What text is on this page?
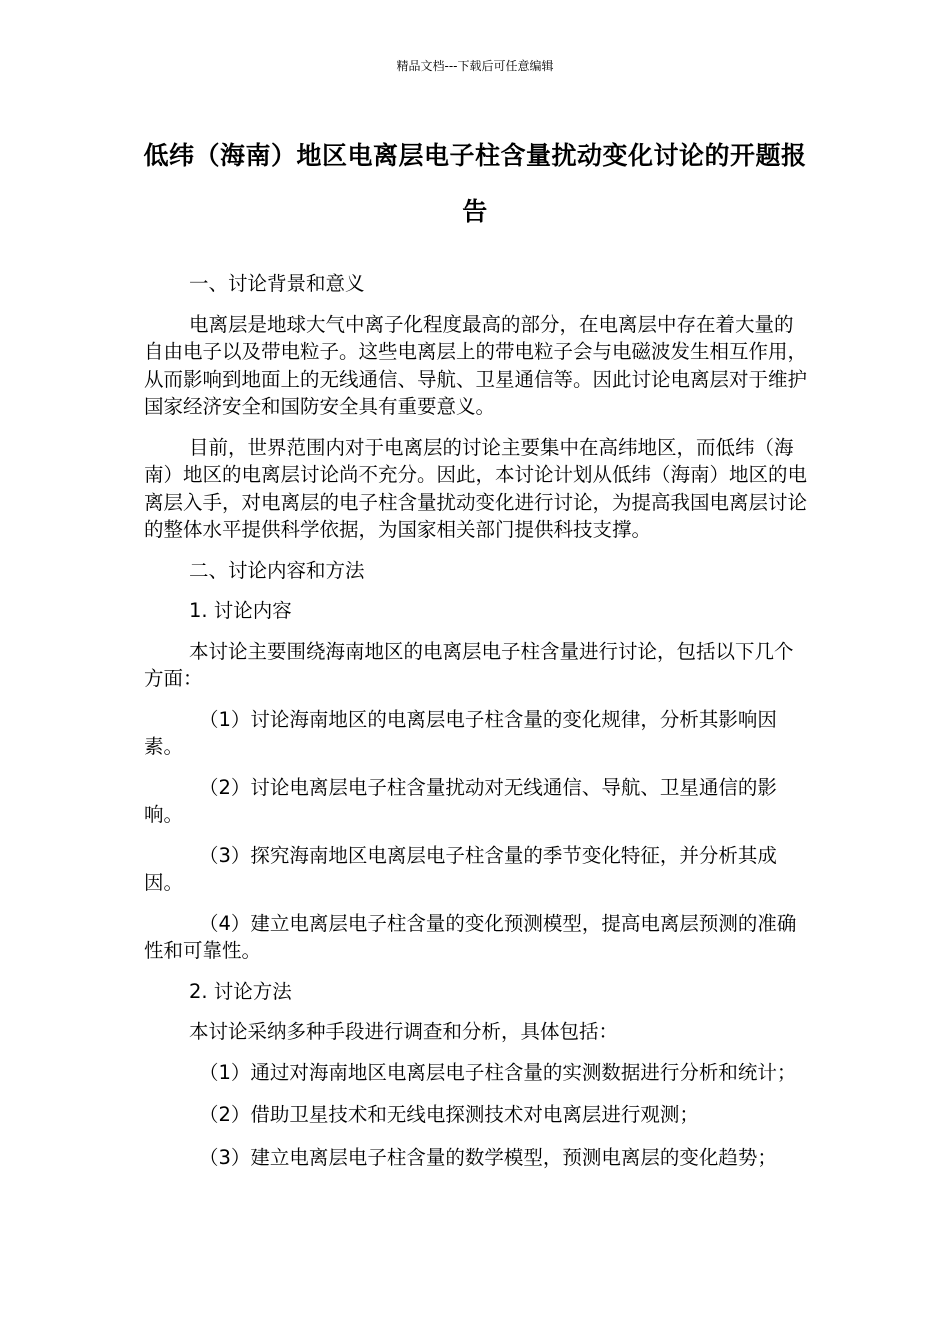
精品文档---下载后可任意编辑
低纬（海南）地区电离层电子柱含量扰动变化讨论的开题报告

一、讨论背景和意义

电离层是地球大气中离子化程度最高的部分，在电离层中存在着大量的自由电子以及带电粒子。这些电离层上的带电粒子会与电磁波发生相互作用，从而影响到地面上的无线通信、导航、卫星通信等。因此讨论电离层对于维护国家经济安全和国防安全具有重要意义。

目前，世界范围内对于电离层的讨论主要集中在高纬地区，而低纬（海南）地区的电离层讨论尚不充分。因此，本讨论计划从低纬（海南）地区的电离层入手，对电离层的电子柱含量扰动变化进行讨论，为提高我国电离层讨论的整体水平提供科学依据，为国家相关部门提供科技支撑。

二、讨论内容和方法

1. 讨论内容

本讨论主要围绕海南地区的电离层电子柱含量进行讨论，包括以下几个方面：

（1）讨论海南地区的电离层电子柱含量的变化规律，分析其影响因素。

（2）讨论电离层电子柱含量扰动对无线通信、导航、卫星通信的影响。

（3）探究海南地区电离层电子柱含量的季节变化特征，并分析其成因。

（4）建立电离层电子柱含量的变化预测模型，提高电离层预测的准确性和可靠性。

2. 讨论方法

本讨论采纳多种手段进行调查和分析，具体包括：

（1）通过对海南地区电离层电子柱含量的实测数据进行分析和统计；

（2）借助卫星技术和无线电探测技术对电离层进行观测；

（3）建立电离层电子柱含量的数学模型，预测电离层的变化趋势；
